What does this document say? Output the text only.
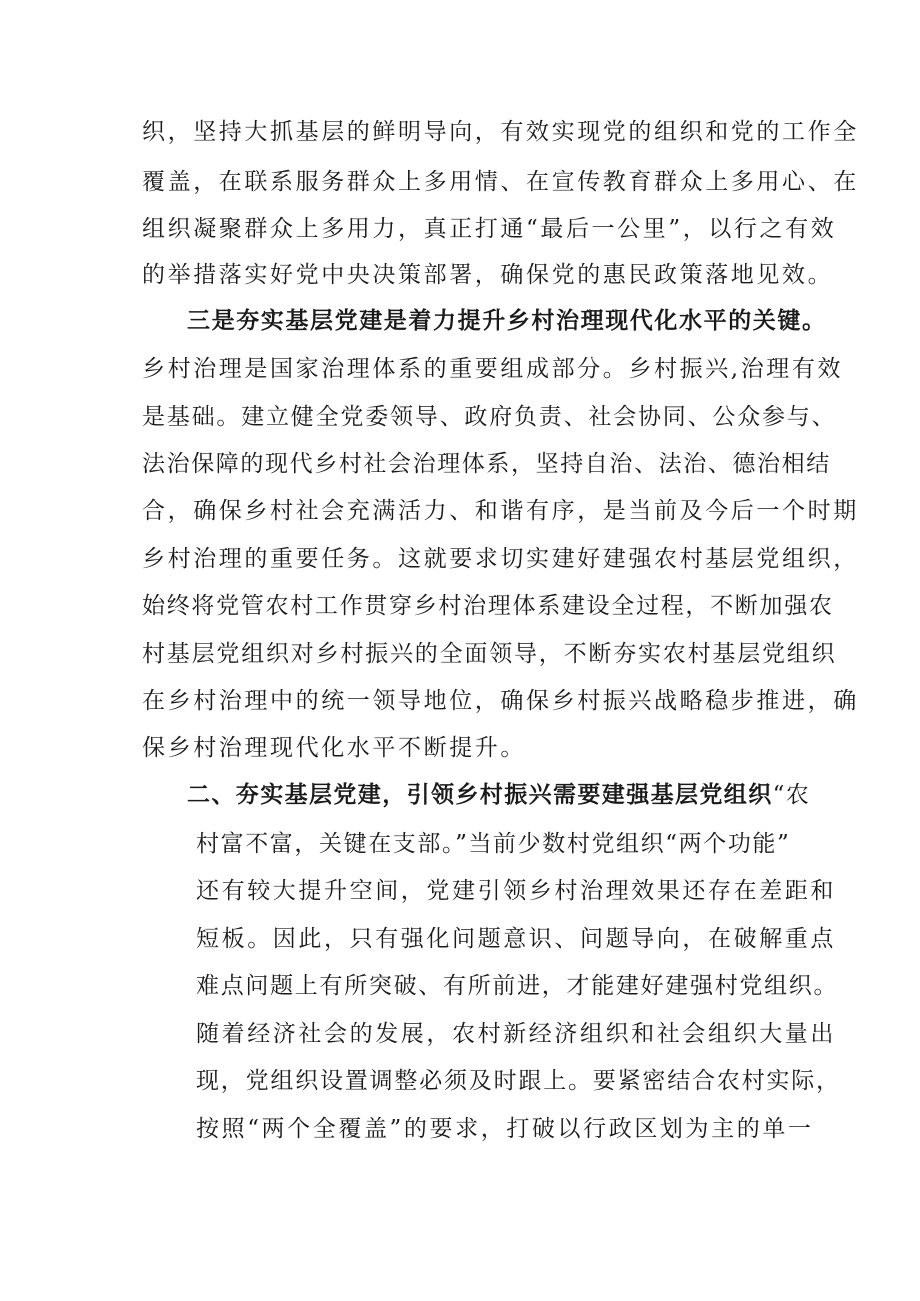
织，坚持大抓基层的鲜明导向，有效实现党的组织和党的工作全
覆盖，在联系服务群众上多用情、在宣传教育群众上多用心、在
组织凝聚群众上多用力，真正打通“最后一公里”，以行之有效
的举措落实好党中央决策部署，确保党的惠民政策落地见效。
三是夯实基层党建是着力提升乡村治理现代化水平的关键。
乡村治理是国家治理体系的重要组成部分。乡村振兴,治理有效
是基础。建立健全党委领导、政府负责、社会协同、公众参与、
法治保障的现代乡村社会治理体系，坚持自治、法治、德治相结
合，确保乡村社会充满活力、和谐有序，是当前及今后一个时期
乡村治理的重要任务。这就要求切实建好建强农村基层党组织，
始终将党管农村工作贯穿乡村治理体系建设全过程，不断加强农
村基层党组织对乡村振兴的全面领导，不断夯实农村基层党组织
在乡村治理中的统一领导地位，确保乡村振兴战略稳步推进，确
保乡村治理现代化水平不断提升。
二、夯实基层党建，引领乡村振兴需要建强基层党组织“农
村富不富，关键在支部。”当前少数村党组织“两个功能”
还有较大提升空间，党建引领乡村治理效果还存在差距和
短板。因此，只有强化问题意识、问题导向，在破解重点
难点问题上有所突破、有所前进，才能建好建强村党组织。
随着经济社会的发展，农村新经济组织和社会组织大量出
现，党组织设置调整必须及时跟上。要紧密结合农村实际，
按照“两个全覆盖”的要求，打破以行政区划为主的单一
